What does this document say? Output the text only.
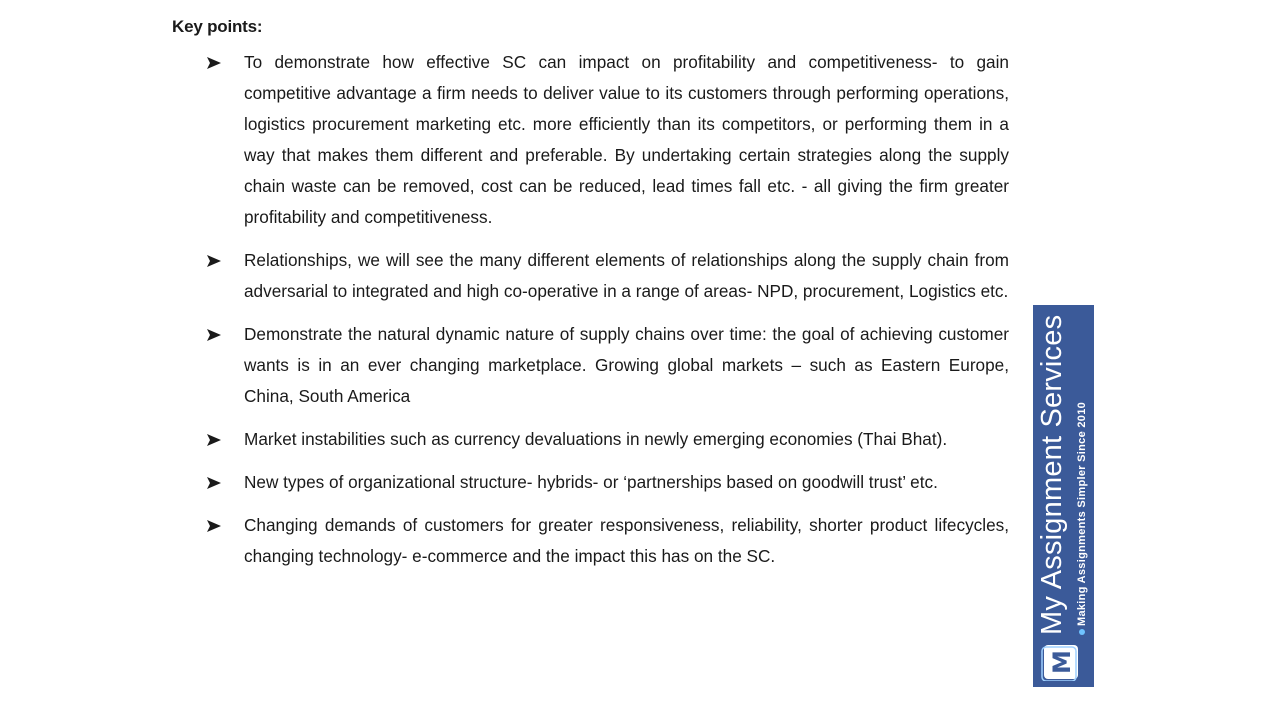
Key points:
To demonstrate how effective SC can impact on profitability and competitiveness- to gain competitive advantage a firm needs to deliver value to its customers through performing operations, logistics procurement marketing etc. more efficiently than its competitors, or performing them in a way that makes them different and preferable. By undertaking certain strategies along the supply chain waste can be removed, cost can be reduced, lead times fall etc. - all giving the firm greater profitability and competitiveness.
Relationships, we will see the many different elements of relationships along the supply chain from adversarial to integrated and high co-operative in a range of areas- NPD, procurement, Logistics etc.
Demonstrate the natural dynamic nature of supply chains over time: the goal of achieving customer wants is in an ever changing marketplace. Growing global markets – such as Eastern Europe, China, South America
Market instabilities such as currency devaluations in newly emerging economies (Thai Bhat).
New types of organizational structure- hybrids- or ‘partnerships based on goodwill trust’ etc.
Changing demands of customers for greater responsiveness, reliability, shorter product lifecycles, changing technology- e-commerce and the impact this has on the SC.
M
My Assignment Services Making Assignments Simpler Since 2010
